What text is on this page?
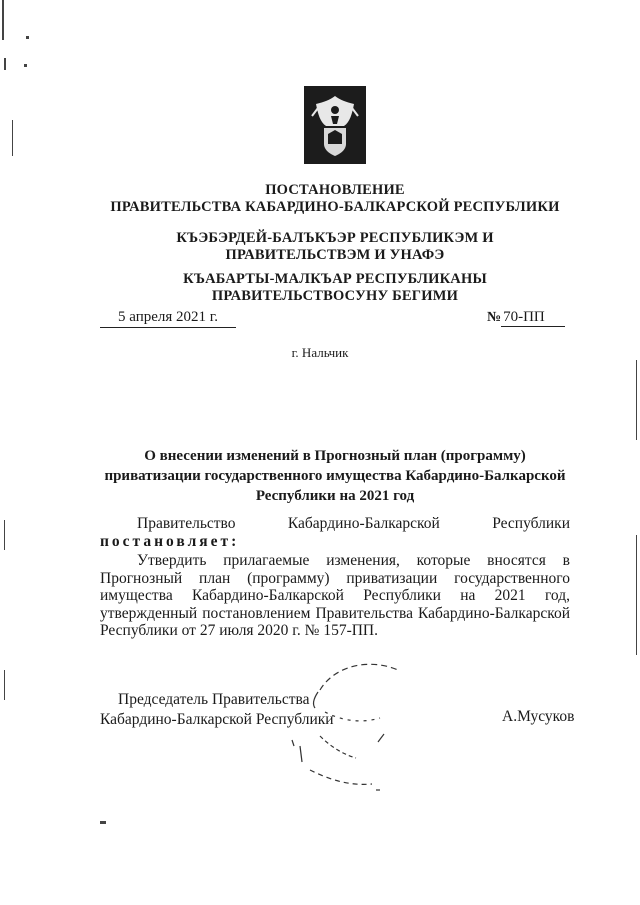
ПОСТАНОВЛЕНИЕ
ПРАВИТЕЛЬСТВА КАБАРДИНО-БАЛКАРСКОЙ РЕСПУБЛИКИ
КЪЭБЭРДЕЙ-БАЛЪКЪЭР РЕСПУБЛИКЭМ И ПРАВИТЕЛЬСТВЭМ И УНАФЭ
КЪАБАРТЫ-МАЛКЪАР РЕСПУБЛИКАНЫ ПРАВИТЕЛЬСТВОСУНУ БЕГИМИ
5 апреля 2021 г.	№ 70-ПП
г. Нальчик
О внесении изменений в Прогнозный план (программу) приватизации государственного имущества Кабардино-Балкарской Республики на 2021 год
Правительство	Кабардино-Балкарской	Республики
постановляет:
Утвердить прилагаемые изменения, которые вносятся в Прогнозный план (программу) приватизации государственного имущества Кабардино-Балкарской Республики на 2021 год, утвержденный постановлением Правительства Кабардино-Балкарской Республики от 27 июля 2020 г. № 157-ПП.
Председатель Правительства
Кабардино-Балкарской Республики	А.Мусуков
